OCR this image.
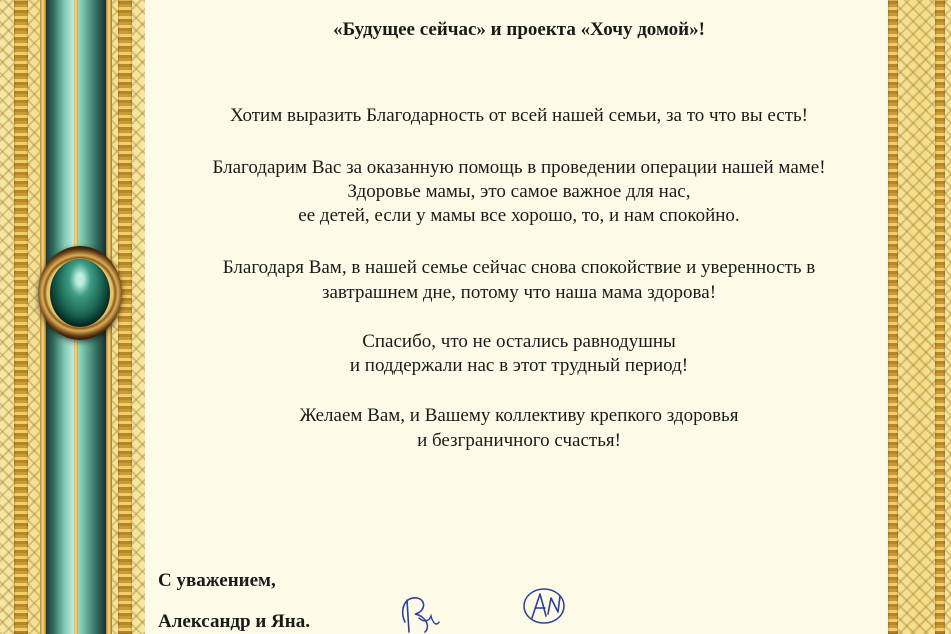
«Будущее сейчас» и проекта «Хочу домой»!
Хотим выразить Благодарность от всей нашей семьи, за то что вы есть!
Благодарим Вас за оказанную помощь в проведении операции нашей маме!
Здоровье мамы, это самое важное для нас,
ее детей, если у мамы все хорошо, то, и нам спокойно.
Благодаря Вам, в нашей семье сейчас снова спокойствие и уверенность в
завтрашнем дне, потому что наша мама здорова!
Спасибо, что не остались равнодушны
и поддержали нас в этот трудный период!
Желаем Вам, и Вашему коллективу крепкого здоровья
и безграничного счастья!
С уважением,
Александр и Яна.
